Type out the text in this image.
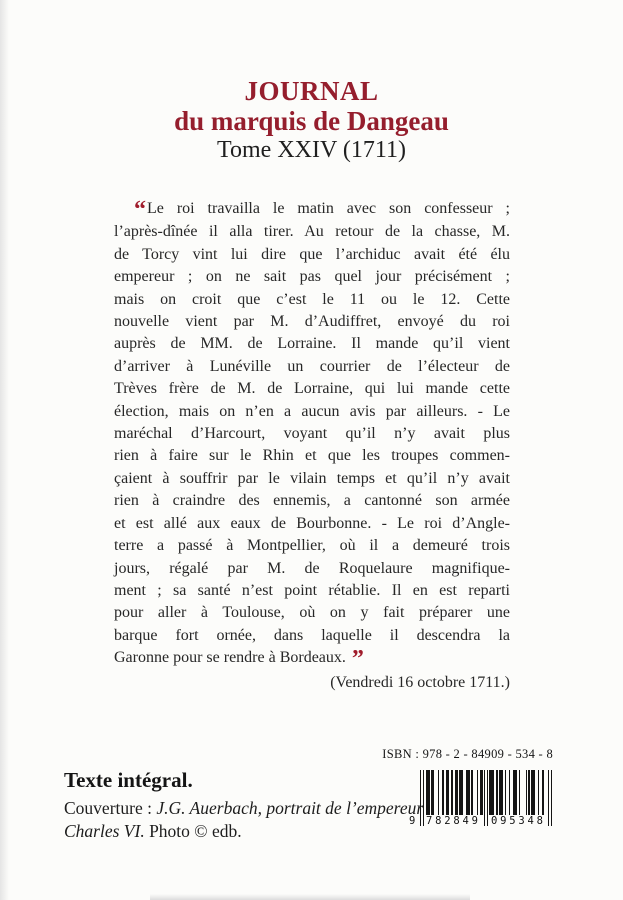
JOURNAL
du marquis de Dangeau
Tome XXIV (1711)
“ Le roi travailla le matin avec son confesseur ;
l’après-dînée il alla tirer. Au retour de la chasse, M.
de Torcy vint lui dire que l’archiduc avait été élu
empereur ; on ne sait pas quel jour précisément ;
mais on croit que c’est le 11 ou le 12. Cette
nouvelle vient par M. d’Audiffret, envoyé du roi
auprès de MM. de Lorraine. Il mande qu’il vient
d’arriver à Lunéville un courrier de l’électeur de
Trèves frère de M. de Lorraine, qui lui mande cette
élection, mais on n’en a aucun avis par ailleurs. - Le
maréchal d’Harcourt, voyant qu’il n’y avait plus
rien à faire sur le Rhin et que les troupes commen-
çaient à souffrir par le vilain temps et qu’il n’y avait
rien à craindre des ennemis, a cantonné son armée
et est allé aux eaux de Bourbonne. - Le roi d’Angle-
terre a passé à Montpellier, où il a demeuré trois
jours, régalé par M. de Roquelaure magnifique-
ment ; sa santé n’est point rétablie. Il en est reparti
pour aller à Toulouse, où on y fait préparer une
barque fort ornée, dans laquelle il descendra la
Garonne pour se rendre à Bordeaux. ”
(Vendredi 16 octobre 1711.)
ISBN : 978 - 2 - 84909 - 534 - 8
9 782849 095348
Texte intégral.
Couverture : J.G. Auerbach, portrait de l’empereur
Charles VI. Photo © edb.
